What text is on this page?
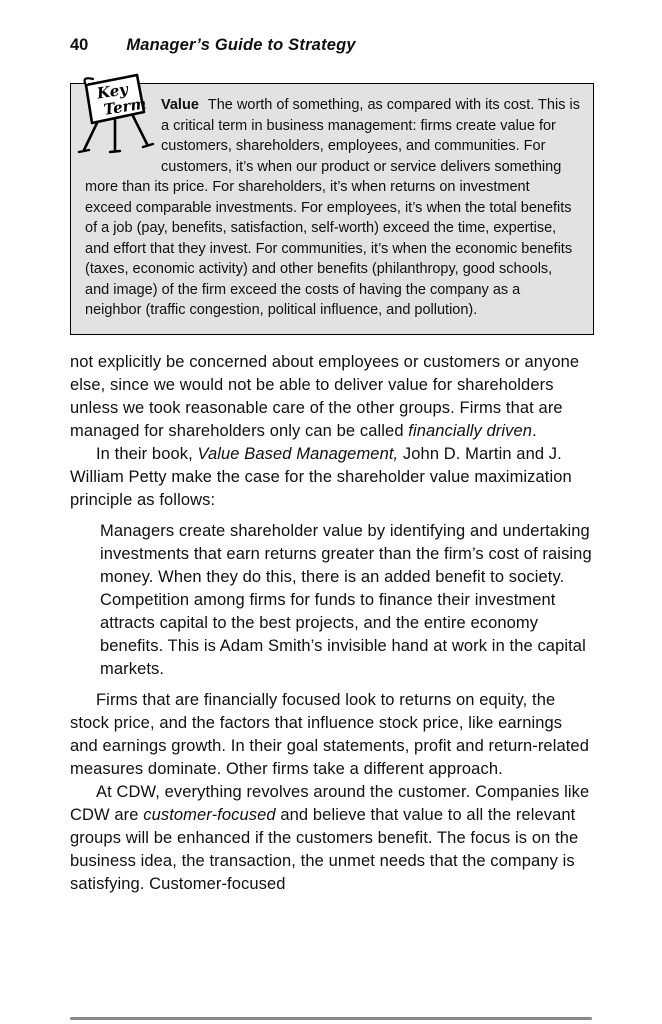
40 Manager’s Guide to Strategy
Key
Term Value The worth of something, as compared with its cost. This is a critical term in business management: firms create value for customers, shareholders, employees, and communities. For customers, it’s when our product or service delivers something more than its price. For shareholders, it’s when returns on investment exceed comparable investments. For employees, it’s when the total benefits of a job (pay, benefits, satisfaction, self-worth) exceed the time, expertise, and effort that they invest. For communities, it’s when the economic benefits (taxes, economic activity) and other benefits (philanthropy, good schools, and image) of the firm exceed the costs of having the company as a neighbor (traffic congestion, political influence, and pollution).

not explicitly be concerned about employees or customers or anyone else, since we would not be able to deliver value for shareholders unless we took reasonable care of the other groups. Firms that are managed for shareholders only can be called financially driven.

In their book, Value Based Management, John D. Martin and J. William Petty make the case for the shareholder value maximization principle as follows:

Managers create shareholder value by identifying and undertaking investments that earn returns greater than the firm’s cost of raising money. When they do this, there is an added benefit to society. Competition among firms for funds to finance their investment attracts capital to the best projects, and the entire economy benefits. This is Adam Smith’s invisible hand at work in the capital markets.

Firms that are financially focused look to returns on equity, the stock price, and the factors that influence stock price, like earnings and earnings growth. In their goal statements, profit and return-related measures dominate. Other firms take a different approach.

At CDW, everything revolves around the customer. Companies like CDW are customer-focused and believe that value to all the relevant groups will be enhanced if the customers benefit. The focus is on the business idea, the transaction, the unmet needs that the company is satisfying. Customer-focused
